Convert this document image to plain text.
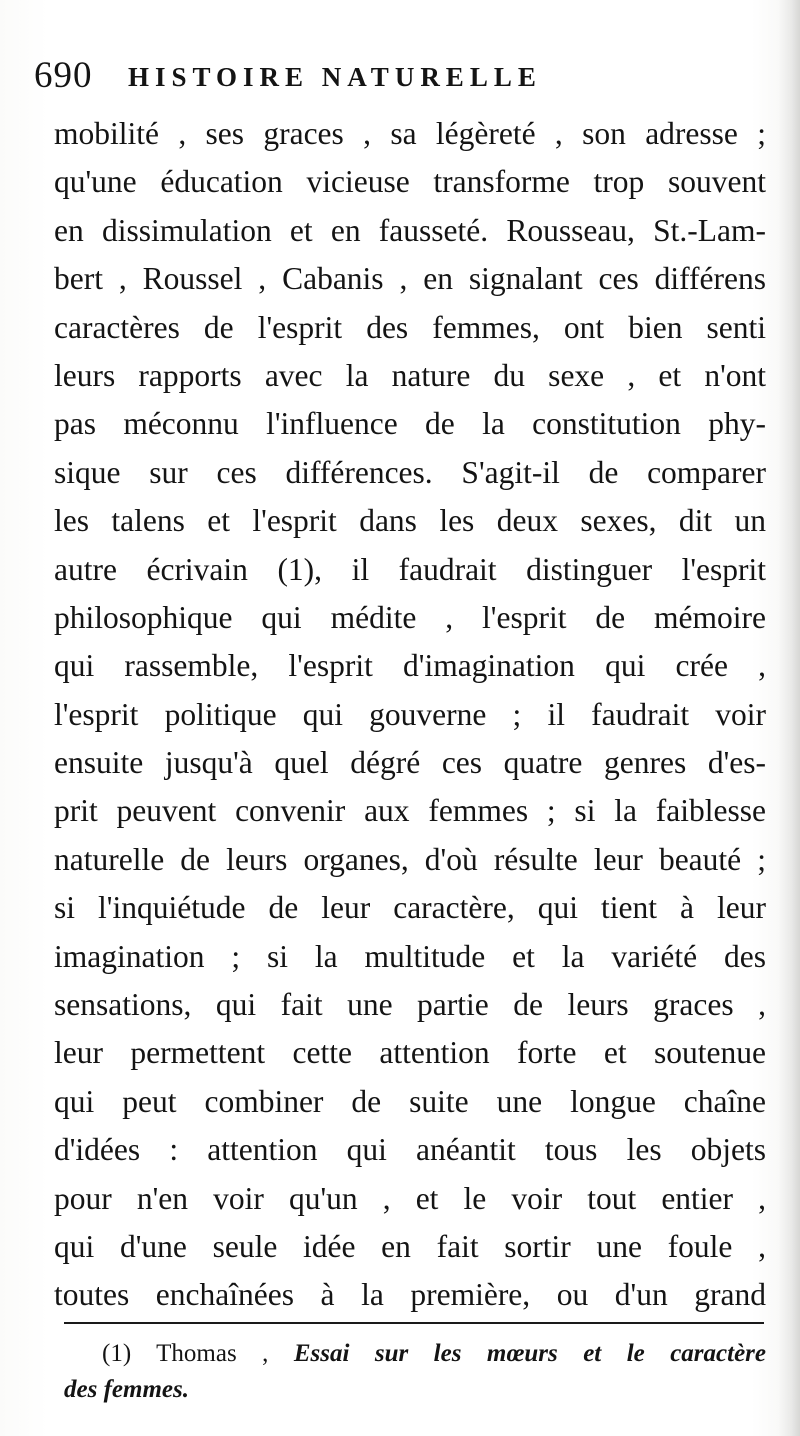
690 HISTOIRE NATURELLE
mobilité , ses graces , sa légèreté , son adresse ;
qu'une éducation vicieuse transforme trop souvent
en dissimulation et en fausseté. Rousseau, St.-Lam-
bert , Roussel , Cabanis , en signalant ces différens
caractères de l'esprit des femmes, ont bien senti
leurs rapports avec la nature du sexe , et n'ont
pas méconnu l'influence de la constitution phy-
sique sur ces différences. S'agit-il de comparer
les talens et l'esprit dans les deux sexes, dit un
autre écrivain (1), il faudrait distinguer l'esprit
philosophique qui médite , l'esprit de mémoire
qui rassemble, l'esprit d'imagination qui crée ,
l'esprit politique qui gouverne ; il faudrait voir
ensuite jusqu'à quel dégré ces quatre genres d'es-
prit peuvent convenir aux femmes ; si la faiblesse
naturelle de leurs organes, d'où résulte leur beauté ;
si l'inquiétude de leur caractère, qui tient à leur
imagination ; si la multitude et la variété des
sensations, qui fait une partie de leurs graces ,
leur permettent cette attention forte et soutenue
qui peut combiner de suite une longue chaîne
d'idées : attention qui anéantit tous les objets
pour n'en voir qu'un , et le voir tout entier ,
qui d'une seule idée en fait sortir une foule ,
toutes enchaînées à la première, ou d'un grand
(1) Thomas , Essai sur les mœurs et le caractère
des femmes.
